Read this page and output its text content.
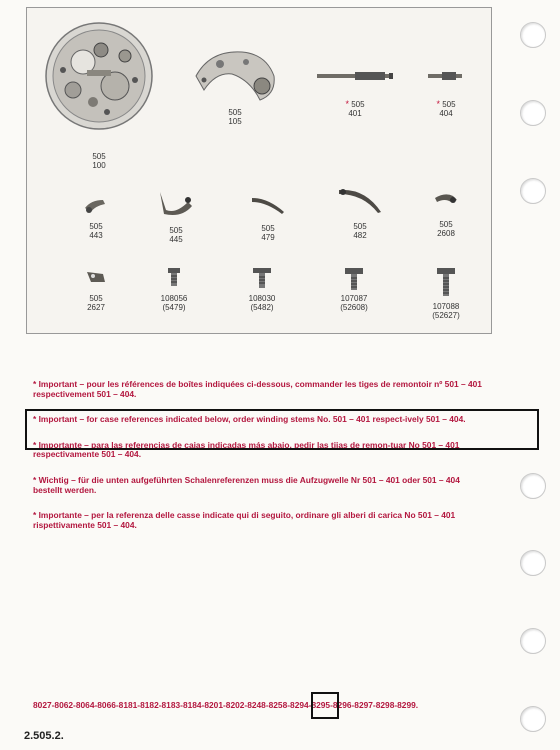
505
100
505
105
* 505
401
* 505
404
505
443
505
445
505
479
505
482
505
2608
505
2627
108056
(5479)
108030
(5482)
107087
(52608)	107088
(52627)
* Important – pour les références de boîtes indiquées ci-dessous, commander les tiges de remontoir nº 501 – 401 respectivement 501 – 404.
* Important – for case references indicated below, order winding stems No. 501 – 401 respect-ively 501 – 404.
* Importante – para las referencias de cajas indicadas más abajo, pedir las tijas de remon-tuar No 501 – 401 respectivamente 501 – 404.
* Wichtig – für die unten aufgeführten Schalenreferenzen muss die Aufzugwelle Nr 501 – 401 oder 501 – 404 bestellt werden.
* Importante – per la referenza delle casse indicate qui di seguito, ordinare gli alberi di carica No 501 – 401 rispettivamente 501 – 404.
8027-8062-8064-8066-8181-8182-8183-8184-8201-8202-8248-8258-8294-8295-8296-8297-8298-8299.
2.505.2.
